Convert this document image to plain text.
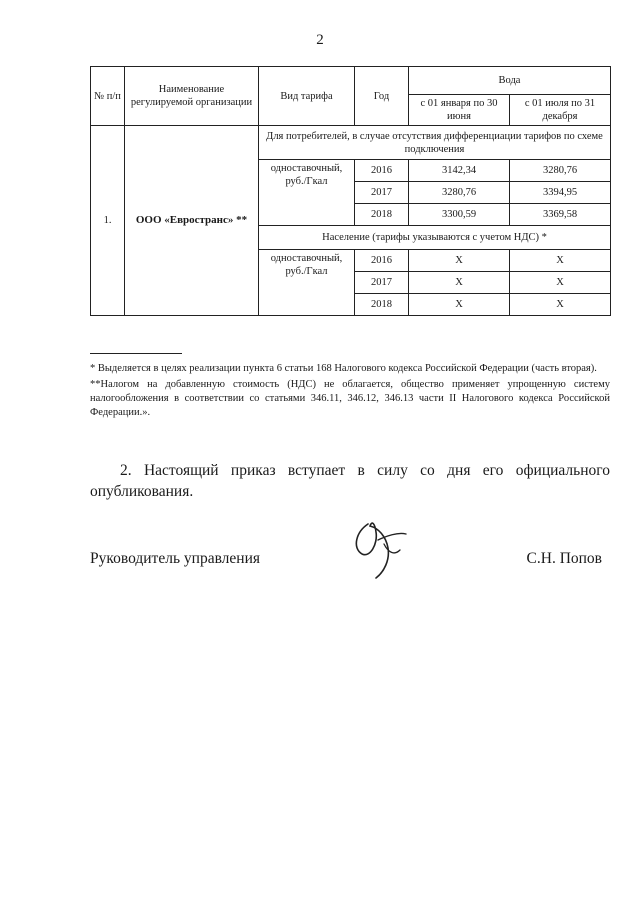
2
№ п/п	Наименование регулируемой организации	Вид тарифа	Год	Вода	
				с 01 января по 30 июня	с 01 июля по 31 декабря
1.	ООО «Евространс» **	Для потребителей, в случае отсутствия дифференциации тарифов по схеме подключения			
		одноставочный, руб./Гкал	2016	3142,34	3280,76
			2017	3280,76	3394,95
			2018	3300,59	3369,58
		Население (тарифы указываются с учетом НДС) *			
		одноставочный, руб./Гкал	2016	Х	Х
			2017	Х	Х
			2018	Х	Х

* Выделяется в целях реализации пункта 6 статьи 168 Налогового кодекса Российской Федерации (часть вторая).

**Налогом на добавленную стоимость (НДС) не облагается, общество применяет упрощенную систему налогообложения в соответствии со статьями 346.11, 346.12, 346.13 части II Налогового кодекса Российской Федерации.».

2. Настоящий приказ вступает в силу со дня его официального опубликования.

Руководитель управления	С.Н. Попов
